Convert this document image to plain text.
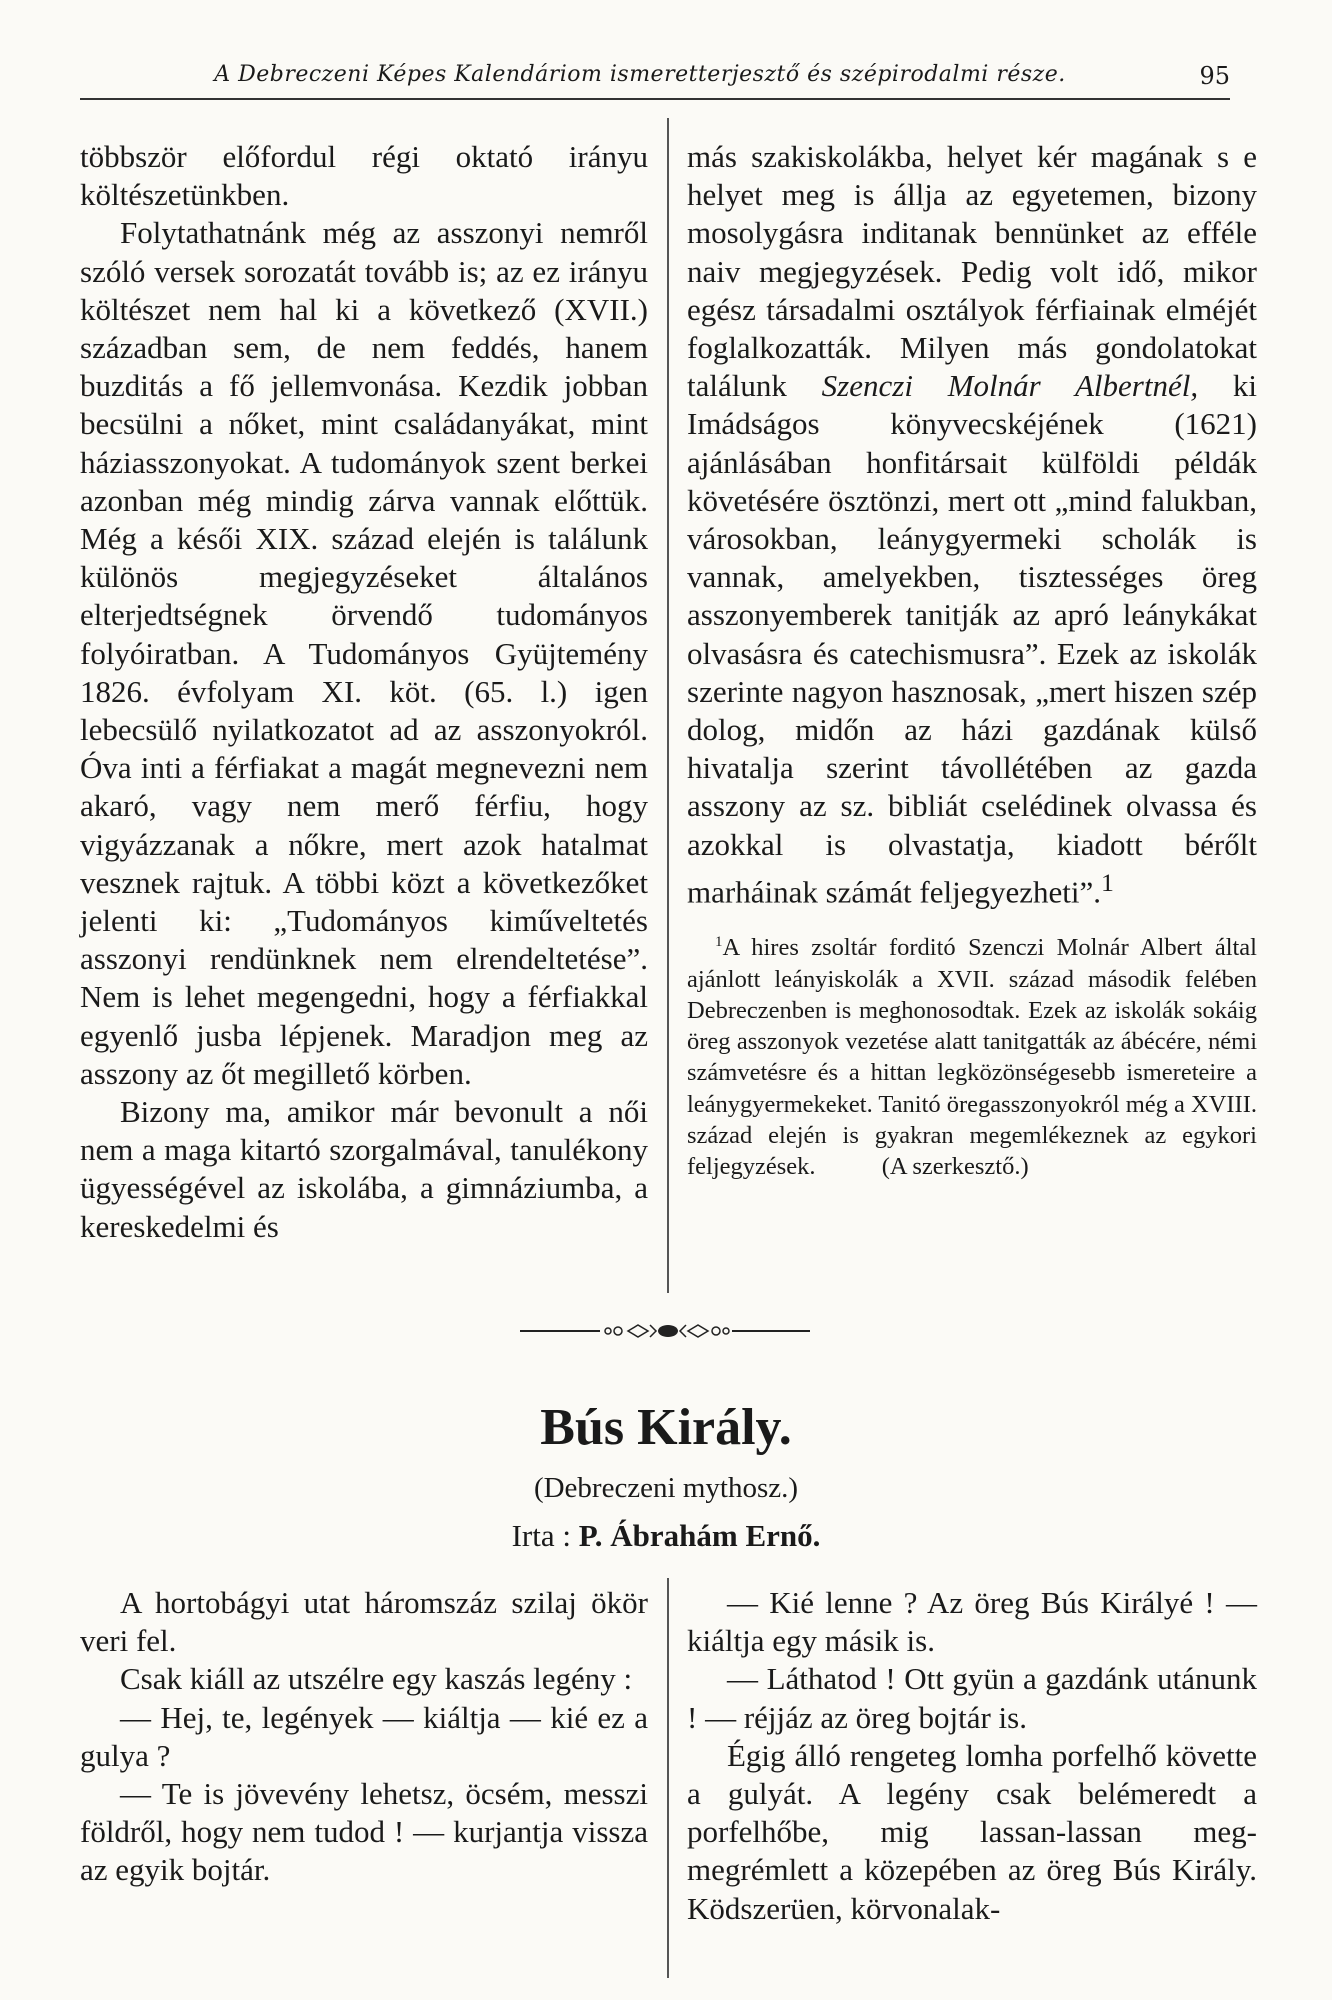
A Debreczeni Képes Kalendáriom ismeretterjesztő és szépirodalmi része.	95

többször előfordul régi oktató irányu költészetünkben.

Folytathatnánk még az asszonyi nemről szóló versek sorozatát tovább is; az ez irányu költészet nem hal ki a következő (XVII.) században sem, de nem feddés, hanem buzditás a fő jellemvonása. Kezdik jobban becsülni a nőket, mint családanyákat, mint háziasszonyokat. A tudományok szent berkei azonban még mindig zárva vannak előttük. Még a késői XIX. század elején is találunk különös megjegyzéseket általános elterjedtségnek örvendő tudományos folyóiratban. A Tudományos Gyüjtemény 1826. évfolyam XI. köt. (65. l.) igen lebecsülő nyilatkozatot ad az asszonyokról. Óva inti a férfiakat a magát megnevezni nem akaró, vagy nem merő férfiu, hogy vigyázzanak a nőkre, mert azok hatalmat vesznek rajtuk. A többi közt a következőket jelenti ki: „Tudományos kiműveltetés asszonyi rendünknek nem elrendeltetése”. Nem is lehet megengedni, hogy a férfiakkal egyenlő jusba lépjenek. Maradjon meg az asszony az őt megillető körben.

Bizony ma, amikor már bevonult a női nem a maga kitartó szorgalmával, tanulékony ügyességével az iskolába, a gimnáziumba, a kereskedelmi és

más szakiskolákba, helyet kér magának s e helyet meg is állja az egyetemen, bizony mosolygásra inditanak bennünket az efféle naiv megjegyzések. Pedig volt idő, mikor egész társadalmi osztályok férfiainak elméjét foglalkozatták. Milyen más gondolatokat találunk Szenczi Molnár Albertnél, ki Imádságos könyvecskéjének (1621) ajánlásában honfitársait külföldi példák követésére ösztönzi, mert ott „mind falukban, városokban, leánygyermeki scholák is vannak, amelyekben, tisztességes öreg asszonyemberek tanitják az apró leánykákat olvasásra és catechismusra”. Ezek az iskolák szerinte nagyon hasznosak, „mert hiszen szép dolog, midőn az házi gazdának külső hivatalja szerint távollétében az gazda asszony az sz. bibliát cselédinek olvassa és azokkal is olvastatja, kiadott bérőlt marháinak számát feljegyezheti”.$^1$

$^1$A hires zsoltár forditó Szenczi Molnár Albert által ajánlott leányiskolák a XVII. század második felében Debreczenben is meghonosodtak. Ezek az iskolák sokáig öreg asszonyok vezetése alatt tanitgatták az ábécére, némi számvetésre és a hittan legközönségesebb ismereteire a leánygyermekeket. Tanitó öregasszonyokról még a XVIII. század elején is gyakran megemlékeznek az egykori feljegyzések.	(A szerkesztő.)
Bús Király.
(Debreczeni mythosz.)
Irta : P. Ábrahám Ernő.

A hortobágyi utat háromszáz szilaj ökör veri fel.

Csak kiáll az utszélre egy kaszás legény :

— Hej, te, legények — kiáltja — kié ez a gulya ?

— Te is jövevény lehetsz, öcsém, messzi földről, hogy nem tudod ! — kurjantja vissza az egyik bojtár.

— Kié lenne ? Az öreg Bús Királyé ! — kiáltja egy másik is.

— Láthatod ! Ott gyün a gazdánk utánunk ! — réjjáz az öreg bojtár is.

Égig álló rengeteg lomha porfelhő követte a gulyát. A legény csak belémeredt a porfelhőbe, mig lassan-lassan meg-megrémlett a közepében az öreg Bús Király. Ködszerüen, körvonalak-
